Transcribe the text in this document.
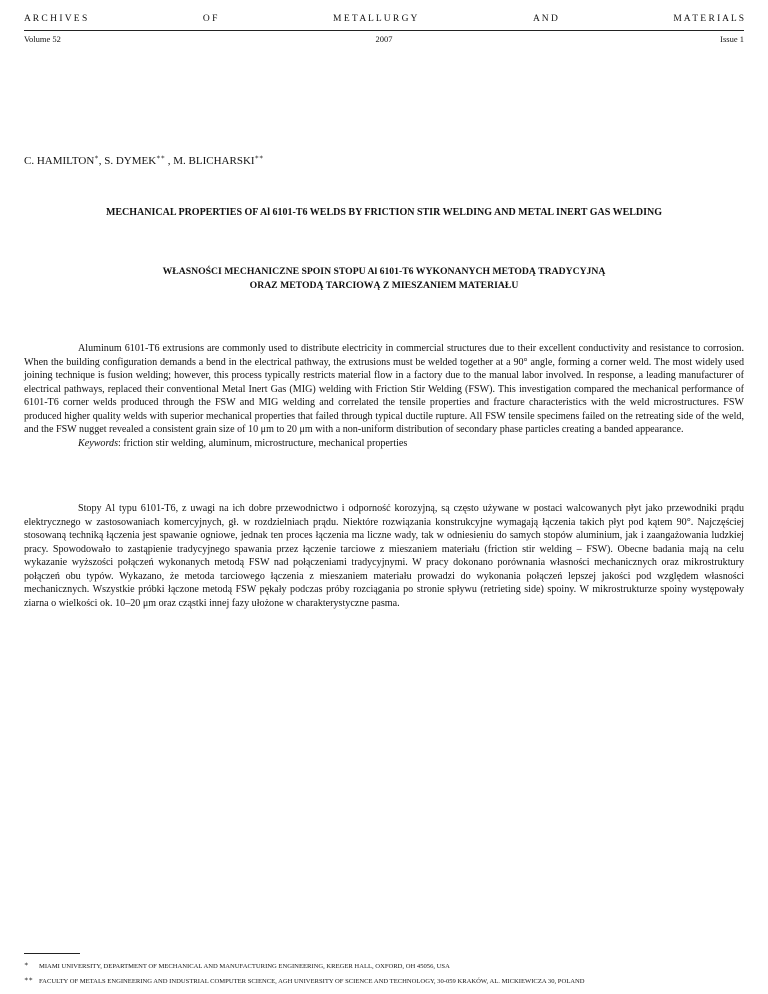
A R C H I V E S	O F	M E T A L L U R G Y	A N D	M A T E R I A L S
Volume 52	2007	Issue 1
C. HAMILTON∗, S. DYMEK∗∗ , M. BLICHARSKI∗∗
MECHANICAL PROPERTIES OF Al 6101-T6 WELDS BY FRICTION STIR WELDING AND METAL INERT GAS WELDING
WŁASNOŚCI MECHANICZNE SPOIN STOPU Al 6101-T6 WYKONANYCH METODĄ TRADYCYJNĄ
ORAZ METODĄ TARCIOWĄ Z MIESZANIEM MATERIAŁU

Aluminum 6101-T6 extrusions are commonly used to distribute electricity in commercial structures due to their excellent conductivity and resistance to corrosion. When the building configuration demands a bend in the electrical pathway, the extrusions must be welded together at a 90° angle, forming a corner weld. The most widely used joining technique is fusion welding; however, this process typically restricts material flow in a factory due to the manual labor involved. In response, a leading manufacturer of electrical pathways, replaced their conventional Metal Inert Gas (MIG) welding with Friction Stir Welding (FSW). This investigation compared the mechanical performance of 6101-T6 corner welds produced through the FSW and MIG welding and correlated the tensile properties and fracture characteristics with the weld microstructures. FSW produced higher quality welds with superior mechanical properties that failed through typical ductile rupture. All FSW tensile specimens failed on the retreating side of the weld, and the FSW nugget revealed a consistent grain size of 10 μm to 20 μm with a non-uniform distribution of secondary phase particles creating a banded appearance.

Keywords: friction stir welding, aluminum, microstructure, mechanical properties

Stopy Al typu 6101-T6, z uwagi na ich dobre przewodnictwo i odporność korozyjną, są często używane w postaci walcowanych płyt jako przewodniki prądu elektrycznego w zastosowaniach komercyjnych, gł. w rozdzielniach prądu. Niektóre rozwiązania konstrukcyjne wymagają łączenia takich płyt pod kątem 90°. Najczęściej stosowaną techniką łączenia jest spawanie ogniowe, jednak ten proces łączenia ma liczne wady, tak w odniesieniu do samych stopów aluminium, jak i zaangażowania ludzkiej pracy. Spowodowało to zastąpienie tradycyjnego spawania przez łączenie tarciowe z mieszaniem materiału (friction stir welding – FSW). Obecne badania mają na celu wykazanie wyższości połączeń wykonanych metodą FSW nad połączeniami tradycyjnymi. W pracy dokonano porównania własności mechanicznych oraz mikrostruktury połączeń obu typów. Wykazano, że metoda tarciowego łączenia z mieszaniem materiału prowadzi do wykonania połączeń lepszej jakości pod względem własności mechanicznych. Wszystkie próbki łączone metodą FSW pękały podczas próby rozciągania po stronie spływu (retrieting side) spoiny. W mikrostrukturze spoiny występowały ziarna o wielkości ok. 10–20 μm oraz cząstki innej fazy ułożone w charakterystyczne pasma.

∗ MIAMI UNIVERSITY, DEPARTMENT OF MECHANICAL AND MANUFACTURING ENGINEERING, KREGER HALL, OXFORD, OH 45056, USA
∗∗ FACULTY OF METALS ENGINEERING AND INDUSTRIAL COMPUTER SCIENCE, AGH UNIVERSITY OF SCIENCE AND TECHNOLOGY, 30-059 KRAKÓW, AL. MICKIEWICZA 30, POLAND
